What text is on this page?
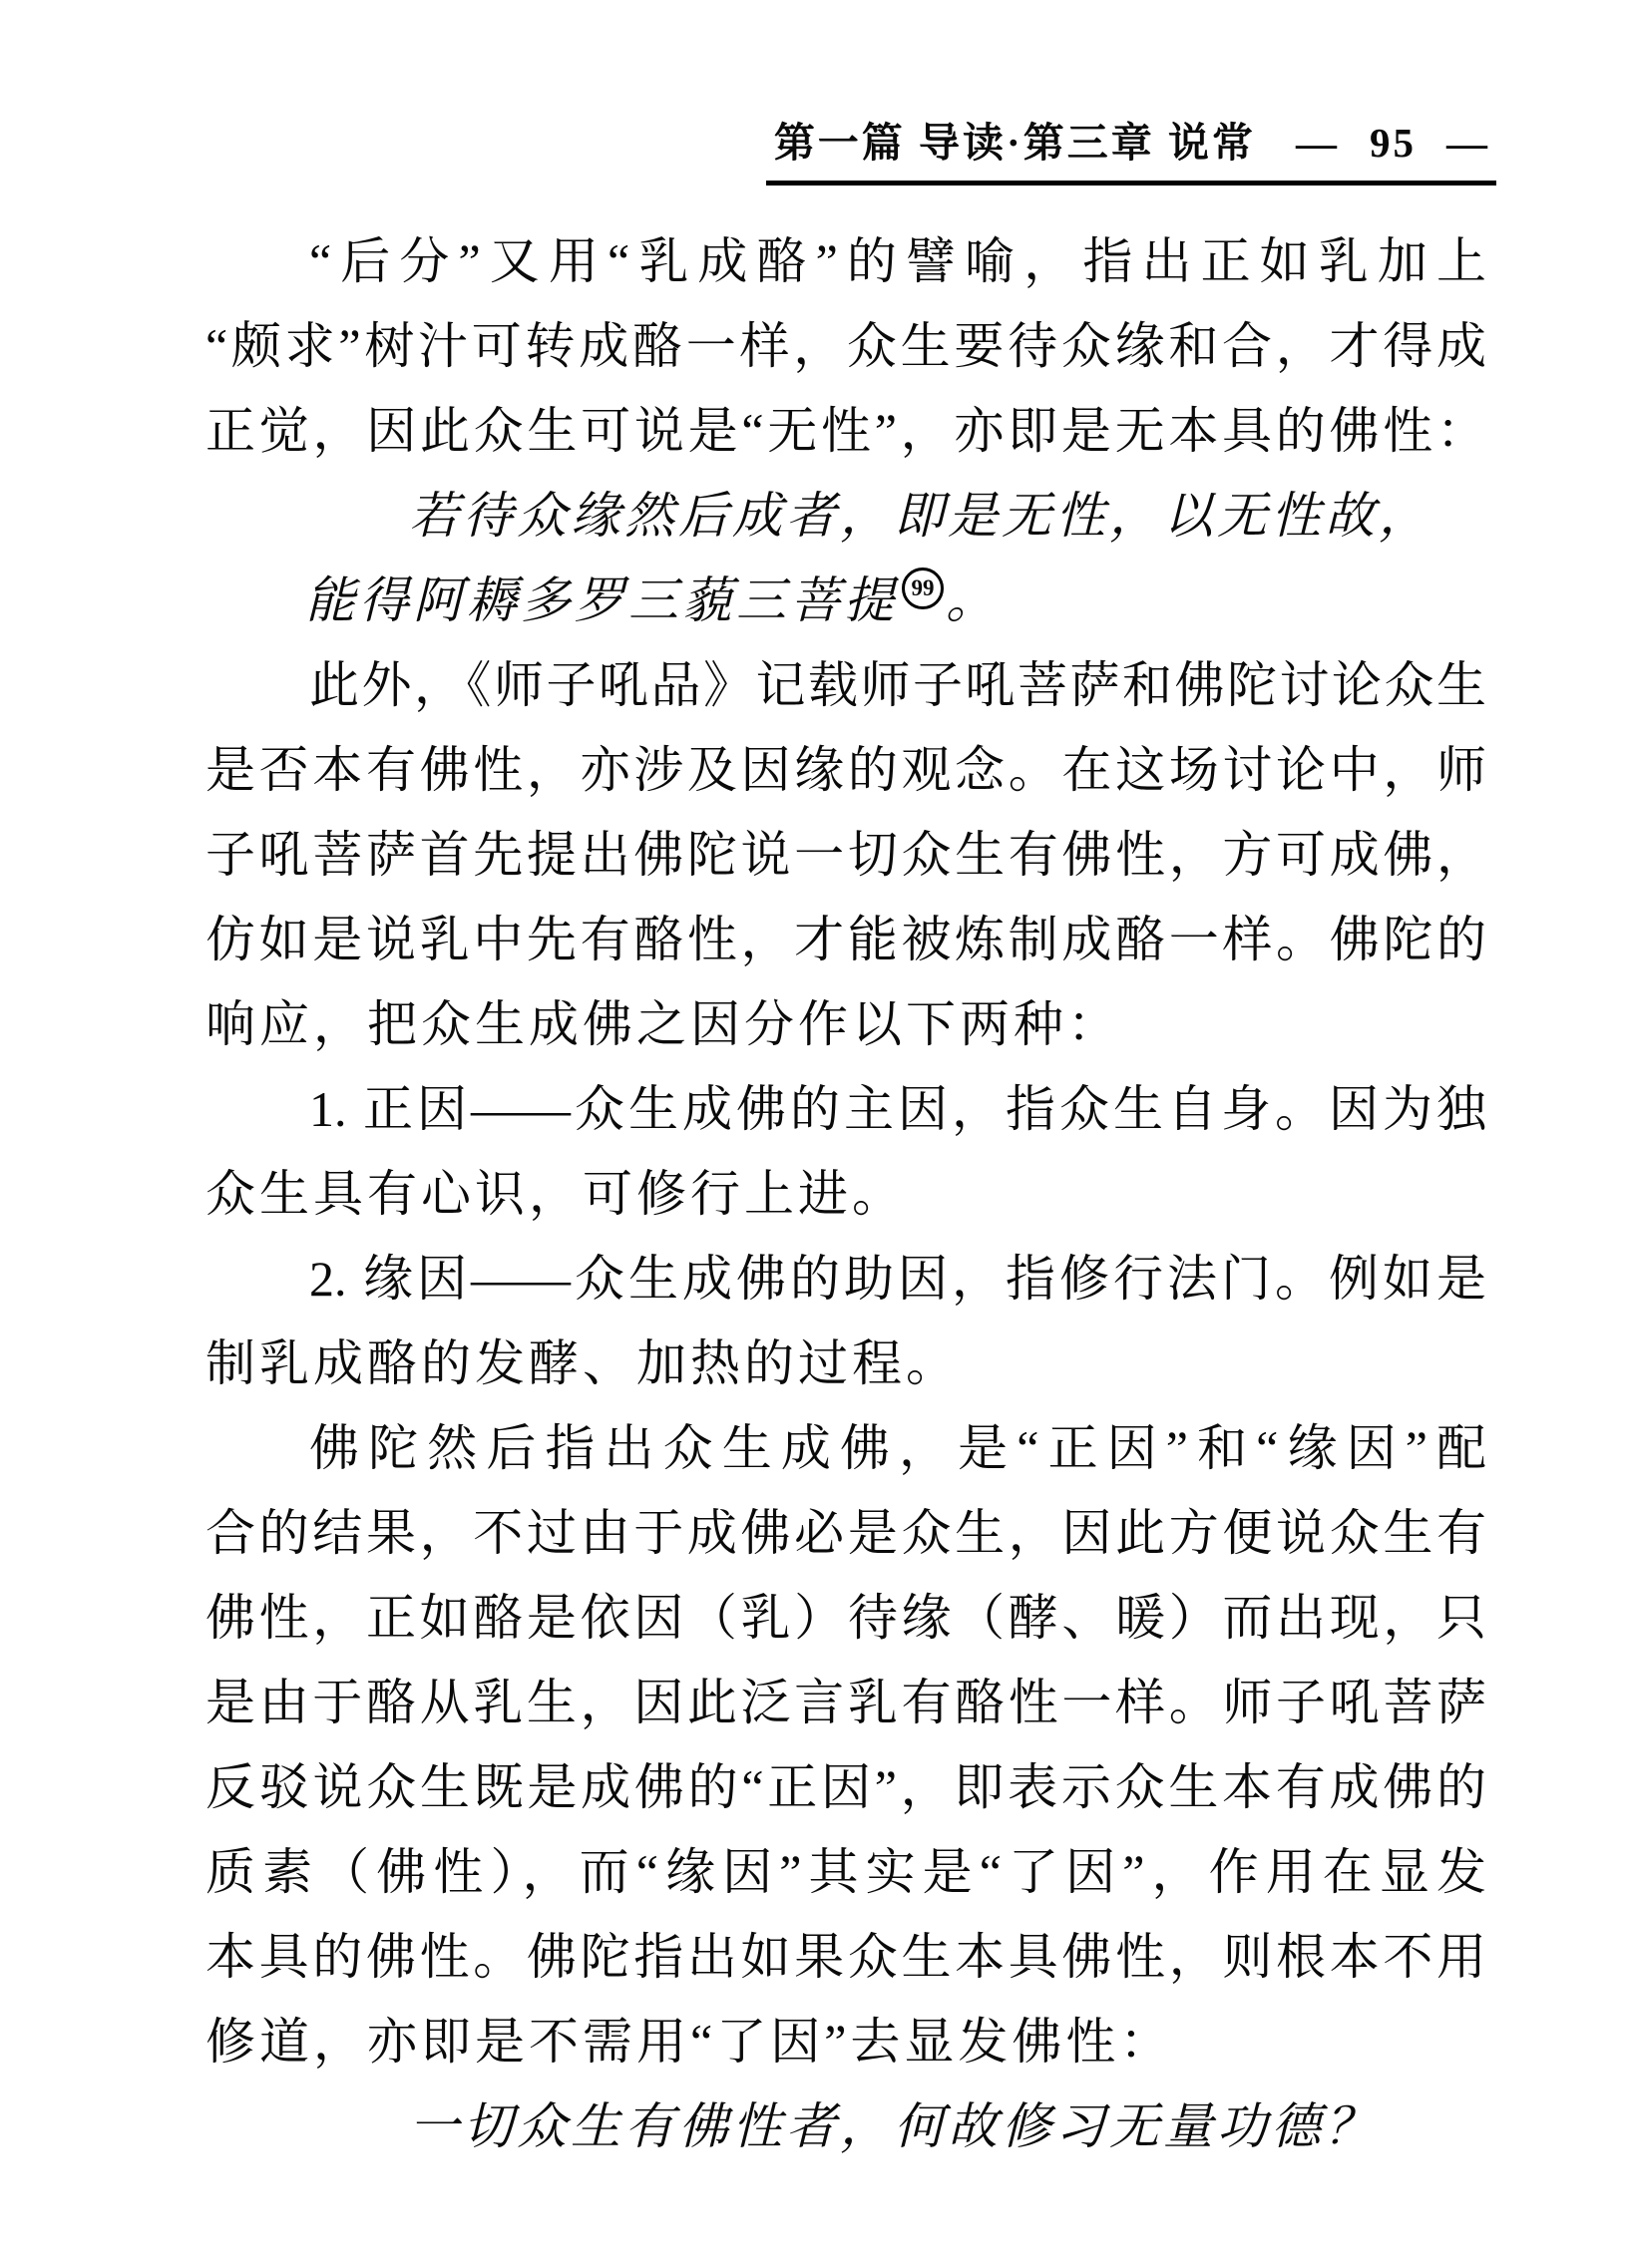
第一篇 导读·第三章 说常 — 95 —
“后分”又用“乳成酪”的譬喻，指出正如乳加上
“颇求”树汁可转成酪一样，众生要待众缘和合，才得成
正觉，因此众生可说是“无性”，亦即是无本具的佛性：
若待众缘然后成者，即是无性，以无性故，
能得阿耨多罗三藐三菩提 99 。
此外，《师子吼品》记载师子吼菩萨和佛陀讨论众生
是否本有佛性，亦涉及因缘的观念。在这场讨论中，师
子吼菩萨首先提出佛陀说一切众生有佛性，方可成佛，
仿如是说乳中先有酪性，才能被炼制成酪一样。佛陀的
响应，把众生成佛之因分作以下两种：
1. 正因——众生成佛的主因，指众生自身。因为独
众生具有心识，可修行上进。
2. 缘因——众生成佛的助因，指修行法门。例如是
制乳成酪的发酵、加热的过程。
佛陀然后指出众生成佛，是“正因”和“缘因”配
合的结果，不过由于成佛必是众生，因此方便说众生有
佛性，正如酪是依因（乳）待缘（酵、暖）而出现，只
是由于酪从乳生，因此泛言乳有酪性一样。师子吼菩萨
反驳说众生既是成佛的“正因”，即表示众生本有成佛的
质素（佛性），而“缘因”其实是“了因”，作用在显发
本具的佛性。佛陀指出如果众生本具佛性，则根本不用
修道，亦即是不需用“了因”去显发佛性：
一切众生有佛性者，何故修习无量功德？
